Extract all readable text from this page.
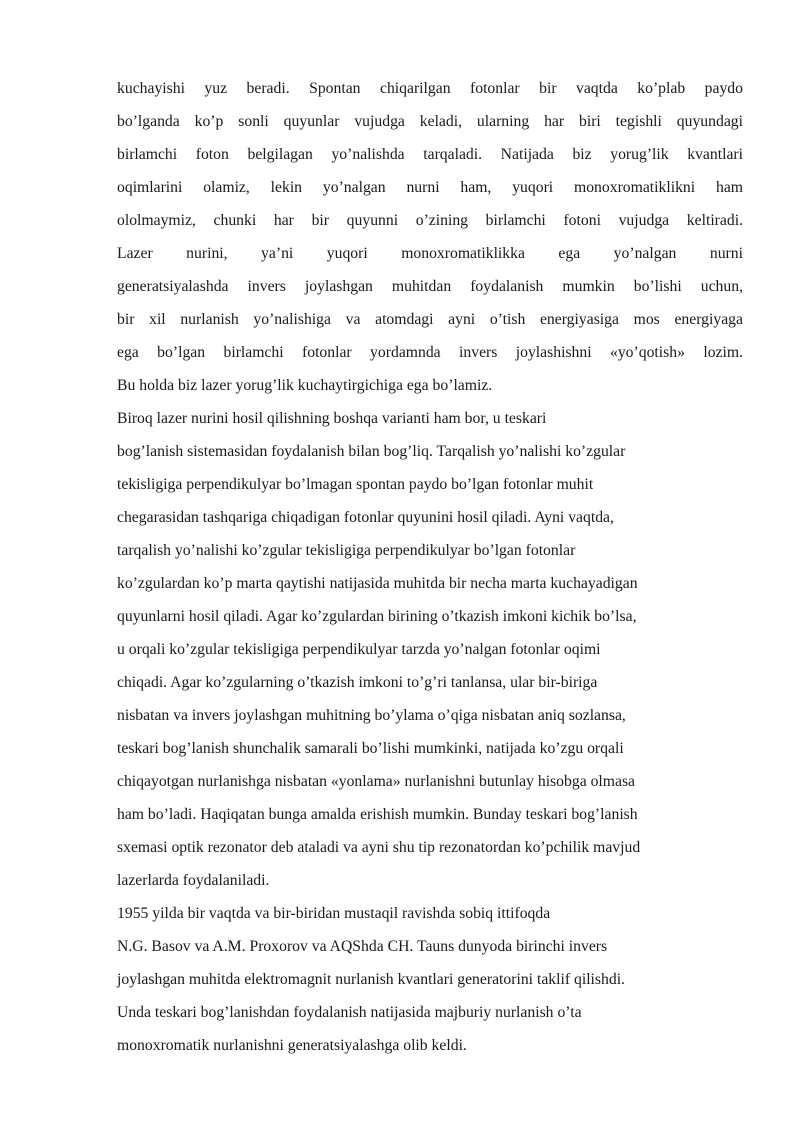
kuchayishi yuz beradi. Spontan chiqarilgan fotonlar bir vaqtda ko’plab paydo
bo’lganda ko’p sonli quyunlar vujudga keladi, ularning har biri tegishli quyundagi
birlamchi foton belgilagan yo’nalishda tarqaladi. Natijada biz yorug’lik kvantlari
oqimlarini olamiz, lekin yo’nalgan nurni ham, yuqori monoxromatiklikni ham
ololmaymiz, chunki har bir quyunni o’zining birlamchi fotoni vujudga keltiradi.
Lazer nurini, ya’ni yuqori monoxromatiklikka ega yo’nalgan nurni
generatsiyalashda invers joylashgan muhitdan foydalanish mumkin bo’lishi uchun,
bir xil nurlanish yo’nalishiga va atomdagi ayni o’tish energiyasiga mos energiyaga
ega bo’lgan birlamchi fotonlar yordamnda invers joylashishni «yo’qotish» lozim.
Bu holda biz lazer yorug’lik kuchaytirgichiga ega bo’lamiz.
Biroq lazer nurini hosil qilishning boshqa varianti ham bor, u teskari
bog’lanish sistemasidan foydalanish bilan bog’liq. Tarqalish yo’nalishi ko’zgular
tekisligiga perpendikulyar bo’lmagan spontan paydo bo’lgan fotonlar muhit
chegarasidan tashqariga chiqadigan fotonlar quyunini hosil qiladi. Ayni vaqtda,
tarqalish yo’nalishi ko’zgular tekisligiga perpendikulyar bo’lgan fotonlar
ko’zgulardan ko’p marta qaytishi natijasida muhitda bir necha marta kuchayadigan
quyunlarni hosil qiladi. Agar ko’zgulardan birining o’tkazish imkoni kichik bo’lsa,
u orqali ko’zgular tekisligiga perpendikulyar tarzda yo’nalgan fotonlar oqimi
chiqadi. Agar ko’zgularning o’tkazish imkoni to’g’ri tanlansa, ular bir-biriga
nisbatan va invers joylashgan muhitning bo’ylama o’qiga nisbatan aniq sozlansa,
teskari bog’lanish shunchalik samarali bo’lishi mumkinki, natijada ko’zgu orqali
chiqayotgan nurlanishga nisbatan «yonlama» nurlanishni butunlay hisobga olmasa
ham bo’ladi. Haqiqatan bunga amalda erishish mumkin. Bunday teskari bog’lanish
sxemasi optik rezonator deb ataladi va ayni shu tip rezonatordan ko’pchilik mavjud
lazerlarda foydalaniladi.
1955 yilda bir vaqtda va bir-biridan mustaqil ravishda sobiq ittifoqda
N.G. Basov va A.M. Proxorov va AQShda CH. Tauns dunyoda birinchi invers
joylashgan muhitda elektromagnit nurlanish kvantlari generatorini taklif qilishdi.
Unda teskari bog’lanishdan foydalanish natijasida majburiy nurlanish o’ta
monoxromatik nurlanishni generatsiyalashga olib keldi.
